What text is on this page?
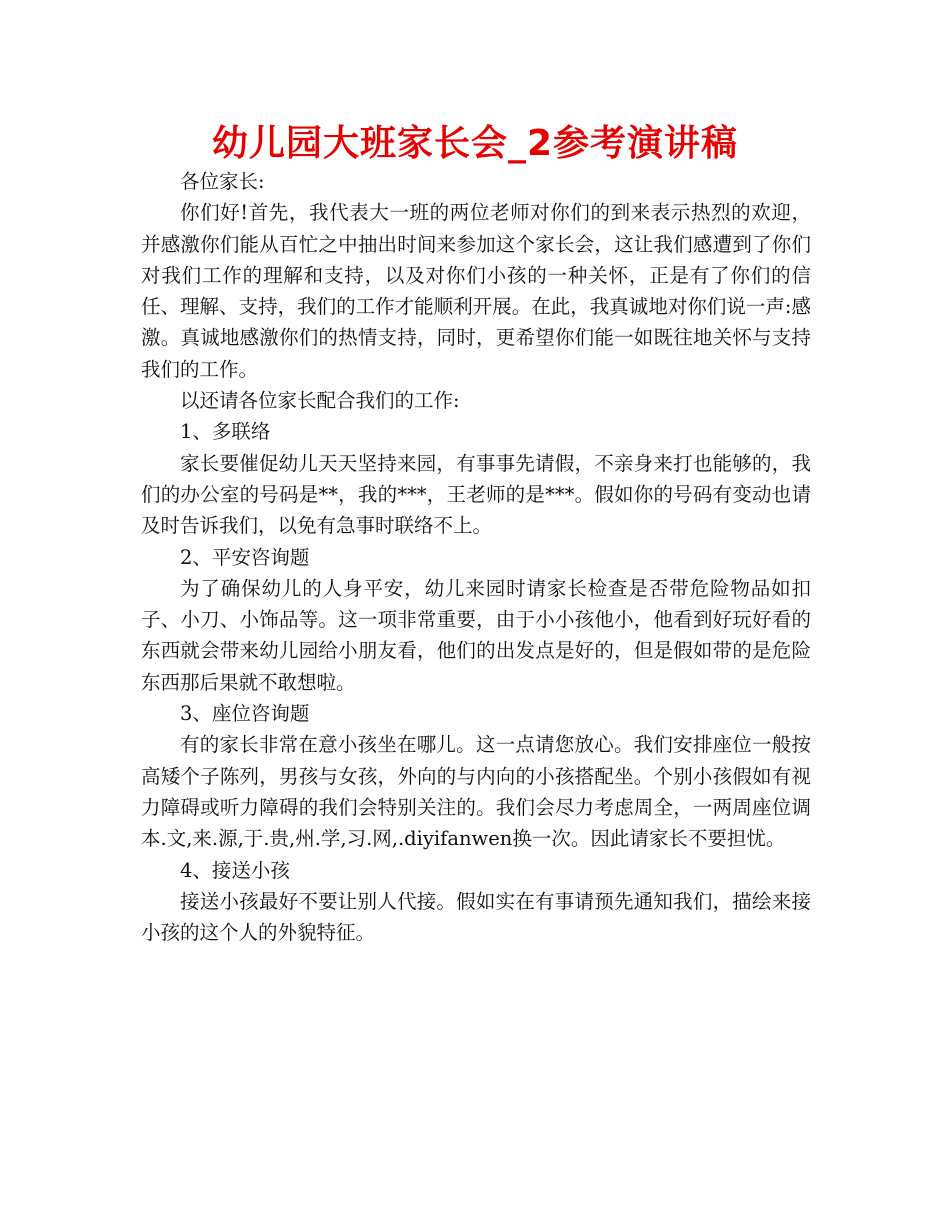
幼儿园大班家长会_2参考演讲稿

各位家长:

你们好!首先，我代表大一班的两位老师对你们的到来表示热烈的欢迎，并感激你们能从百忙之中抽出时间来参加这个家长会，这让我们感遭到了你们对我们工作的理解和支持，以及对你们小孩的一种关怀，正是有了你们的信任、理解、支持，我们的工作才能顺利开展。在此，我真诚地对你们说一声:感激。真诚地感激你们的热情支持，同时，更希望你们能一如既往地关怀与支持我们的工作。

以还请各位家长配合我们的工作:

1、多联络

家长要催促幼儿天天坚持来园，有事事先请假，不亲身来打也能够的，我们的办公室的号码是**，我的***，王老师的是***。假如你的号码有变动也请及时告诉我们，以免有急事时联络不上。

2、平安咨询题

为了确保幼儿的人身平安，幼儿来园时请家长检查是否带危险物品如扣子、小刀、小饰品等。这一项非常重要，由于小小孩他小，他看到好玩好看的东西就会带来幼儿园给小朋友看，他们的出发点是好的，但是假如带的是危险东西那后果就不敢想啦。

3、座位咨询题

有的家长非常在意小孩坐在哪儿。这一点请您放心。我们安排座位一般按高矮个子陈列，男孩与女孩，外向的与内向的小孩搭配坐。个别小孩假如有视力障碍或听力障碍的我们会特别关注的。我们会尽力考虑周全，一两周座位调本.文,来.源,于.贵,州.学,习.网,.diyifanwen换一次。因此请家长不要担忧。

4、接送小孩

接送小孩最好不要让别人代接。假如实在有事请预先通知我们，描绘来接小孩的这个人的外貌特征。
